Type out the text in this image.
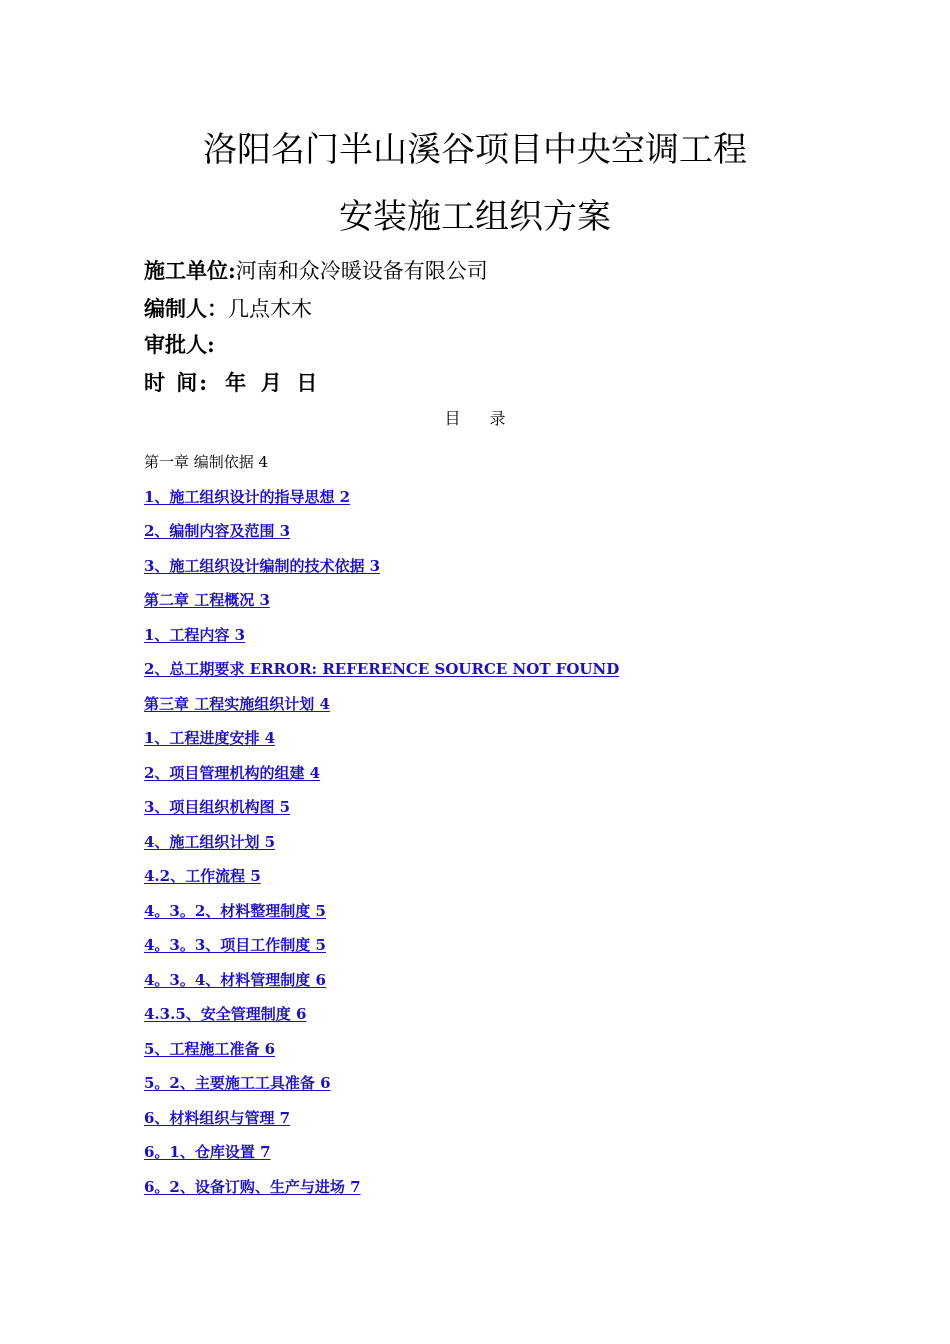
洛阳名门半山溪谷项目中央空调工程
安装施工组织方案
施工单位:河南和众冷暖设备有限公司
编制人：几点木木
审批人:
时 间: 年  月  日
目 录
第一章 编制依据 4
1、施工组织设计的指导思想 2
2、编制内容及范围 3
3、施工组织设计编制的技术依据 3
第二章 工程概况 3
1、工程内容 3
2、总工期要求 ERROR: REFERENCE SOURCE NOT FOUND
第三章 工程实施组织计划 4
1、工程进度安排 4
2、项目管理机构的组建 4
3、项目组织机构图 5
4、施工组织计划 5
4.2、工作流程 5
4。3。2、材料整理制度 5
4。3。3、项目工作制度 5
4。3。4、材料管理制度 6
4.3.5、安全管理制度 6
5、工程施工准备 6
5。2、主要施工工具准备 6
6、材料组织与管理 7
6。1、仓库设置 7
6。2、设备订购、生产与进场 7
